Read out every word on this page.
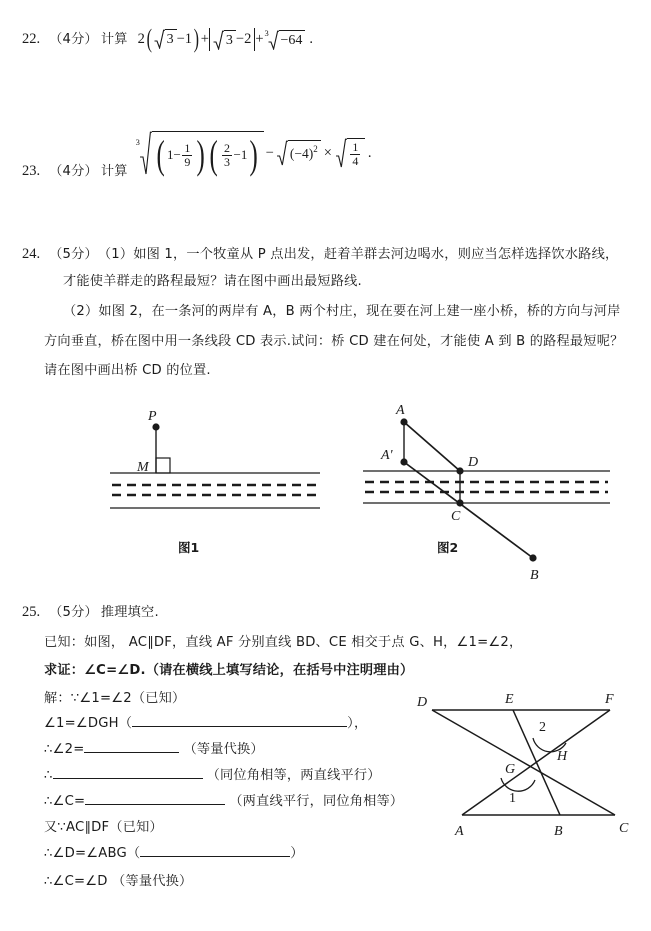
22. （4分） 计算 2 ( 3 −1 ) + 3 −2 + 3 −64 .
23. （4分） 计算
3 ( $1 - \frac{1}{9}$ ) ( $\frac{2}{3} -1$ ) − (−4) $2 \times \frac{1}{4}$ .
24. （5分） （1）如图 1，一个牧童从 P 点出发，赶着羊群去河边喝水，则应当怎样选择饮水路线，
才能使羊群走的路程最短？请在图中画出最短路线.
（2）如图 2，在一条河的两岸有 A，B 两个村庄，现在要在河上建一座小桥，桥的方向与河岸
方向垂直，桥在图中用一条线段 CD 表示.试问：桥 CD 建在何处，才能使 A 到 B 的路程最短呢？
请在图中画出桥 CD 的位置.
P
M
图1
A
A'	D
C
B
图2
25. （5分） 推理填空.
已知：如图， AC∥DF，直线 AF 分别直线 BD、CE 相交于点 G、H，∠1=∠2，
求证：∠C=∠D.（请在横线上填写结论，在括号中注明理由）
解：∵∠1=∠2（已知）
∠1=∠DGH（	），
∴∠2=	（等量代换）
∴	（同位角相等，两直线平行）
∴∠C=	（两直线平行，同位角相等）
又∵AC∥DF（已知）
∴∠D=∠ABG（	）
∴∠C=∠D （等量代换）
1
2
D	E	F
A	B	C
G
H
